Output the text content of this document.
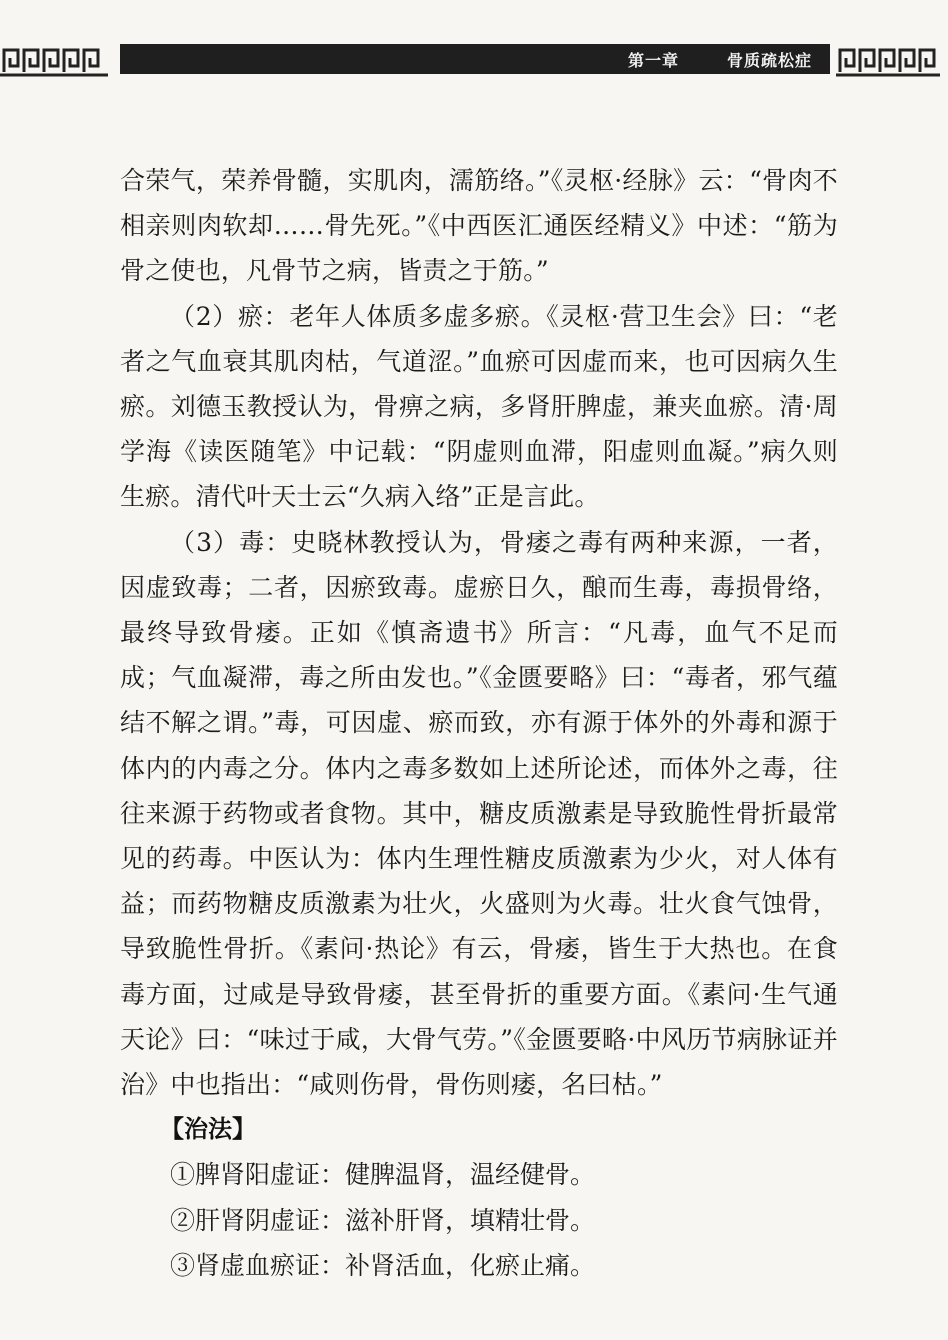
第一章	骨质疏松症

合荣气，荣养骨髓，实肌肉，濡筋络。”《灵枢·经脉》云：“骨肉不相亲则肉软却……骨先死。”《中西医汇通医经精义》中述：“筋为骨之使也，凡骨节之病，皆责之于筋。”

（2）瘀：老年人体质多虚多瘀。《灵枢·营卫生会》曰：“老者之气血衰其肌肉枯，气道涩。”血瘀可因虚而来，也可因病久生瘀。刘德玉教授认为，骨痹之病，多肾肝脾虚，兼夹血瘀。清·周学海《读医随笔》中记载：“阴虚则血滞，阳虚则血凝。”病久则生瘀。清代叶天士云“久病入络”正是言此。

（3）毒：史晓林教授认为，骨痿之毒有两种来源，一者，因虚致毒；二者，因瘀致毒。虚瘀日久，酿而生毒，毒损骨络，最终导致骨痿。正如《慎斋遗书》所言：“凡毒，血气不足而成；气血凝滞，毒之所由发也。”《金匮要略》曰：“毒者，邪气蕴结不解之谓。”毒，可因虚、瘀而致，亦有源于体外的外毒和源于体内的内毒之分。体内之毒多数如上述所论述，而体外之毒，往往来源于药物或者食物。其中，糖皮质激素是导致脆性骨折最常见的药毒。中医认为：体内生理性糖皮质激素为少火，对人体有益；而药物糖皮质激素为壮火，火盛则为火毒。壮火食气蚀骨，导致脆性骨折。《素问·热论》有云，骨痿，皆生于大热也。在食毒方面，过咸是导致骨痿，甚至骨折的重要方面。《素问·生气通天论》曰：“味过于咸，大骨气劳。”《金匮要略·中风历节病脉证并治》中也指出：“咸则伤骨，骨伤则痿，名曰枯。”

【治法】

①脾肾阳虚证：健脾温肾，温经健骨。

②肝肾阴虚证：滋补肝肾，填精壮骨。

③肾虚血瘀证：补肾活血，化瘀止痛。
